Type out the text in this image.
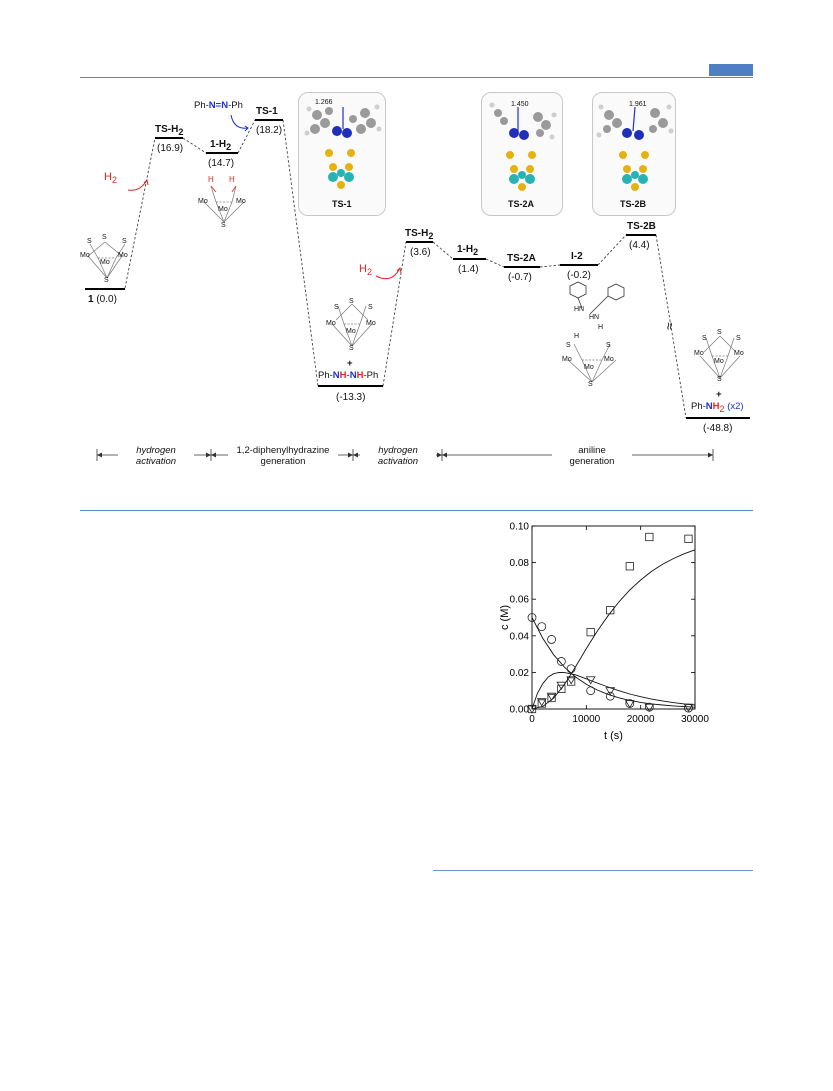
1 (0.0)
$TS-H_2$
(16.9)	$1-H_2$
(14.7)
TS-1
(18.2)
(-13.3)
$TS-H_2$
(3.6)	$1-H_2$
(1.4)
TS-2A
(-0.7)
I-2
(-0.2)
TS-2B
(4.4)
(-48.8)
$H_2$
$H_2$
Ph-N=N-Ph
+
Ph-NH-NH-Ph
+
$Ph-NH_2$ (x2)
≈
S
S	S
Mo	Mo
Mo
S
H H
Mo	Mo
Mo
S
S
S	S
Mo	Mo
Mo
S
HN
HN
H
H
S	S
Mo	Mo
Mo
S
S
S	S
Mo	Mo
Mo
S
1.266
TS-1
1.450
TS-2A
1.961
TS-2B
hydrogen
activation
1,2-diphenylhydrazine
generation
hydrogen
activation
aniline
generation
0.00
0.02
0.04
0.06
0.08
0.10
0	10000	20000	30000
t (s)
c (M)
